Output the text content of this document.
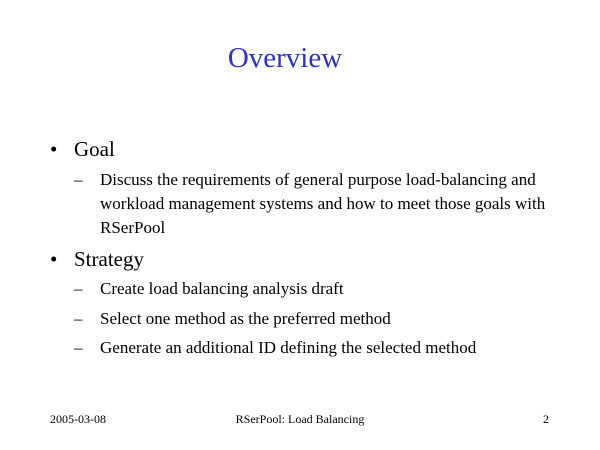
Overview
• Goal
– Discuss the requirements of general purpose load-balancing and workload management systems and how to meet those goals with RSerPool
• Strategy
– Create load balancing analysis draft
– Select one method as the preferred method
– Generate an additional ID defining the selected method
2005-03-08	RSerPool: Load Balancing	2
